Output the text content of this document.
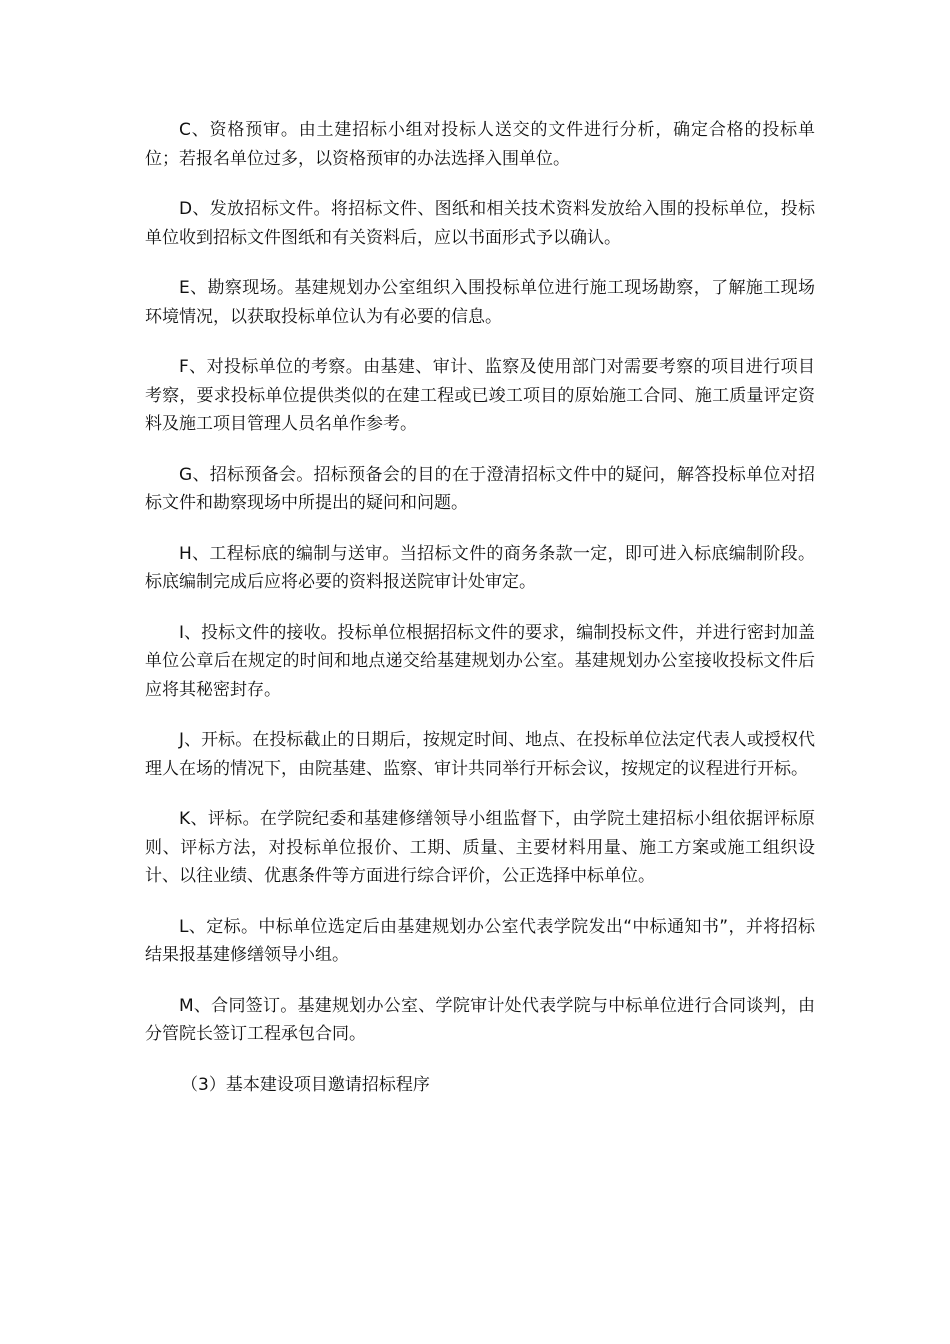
C、资格预审。由土建招标小组对投标人送交的文件进行分析，确定合格的投标单位；若报名单位过多，以资格预审的办法选择入围单位。

D、发放招标文件。将招标文件、图纸和相关技术资料发放给入围的投标单位，投标单位收到招标文件图纸和有关资料后，应以书面形式予以确认。

E、勘察现场。基建规划办公室组织入围投标单位进行施工现场勘察，了解施工现场环境情况，以获取投标单位认为有必要的信息。

F、对投标单位的考察。由基建、审计、监察及使用部门对需要考察的项目进行项目考察，要求投标单位提供类似的在建工程或已竣工项目的原始施工合同、施工质量评定资料及施工项目管理人员名单作参考。

G、招标预备会。招标预备会的目的在于澄清招标文件中的疑问，解答投标单位对招标文件和勘察现场中所提出的疑问和问题。

H、工程标底的编制与送审。当招标文件的商务条款一定，即可进入标底编制阶段。标底编制完成后应将必要的资料报送院审计处审定。

I、投标文件的接收。投标单位根据招标文件的要求，编制投标文件，并进行密封加盖单位公章后在规定的时间和地点递交给基建规划办公室。基建规划办公室接收投标文件后应将其秘密封存。

J、开标。在投标截止的日期后，按规定时间、地点、在投标单位法定代表人或授权代理人在场的情况下，由院基建、监察、审计共同举行开标会议，按规定的议程进行开标。

K、评标。在学院纪委和基建修缮领导小组监督下，由学院土建招标小组依据评标原则、评标方法，对投标单位报价、工期、质量、主要材料用量、施工方案或施工组织设计、以往业绩、优惠条件等方面进行综合评价，公正选择中标单位。

L、定标。中标单位选定后由基建规划办公室代表学院发出“中标通知书”，并将招标结果报基建修缮领导小组。

M、合同签订。基建规划办公室、学院审计处代表学院与中标单位进行合同谈判，由分管院长签订工程承包合同。

（3）基本建设项目邀请招标程序
